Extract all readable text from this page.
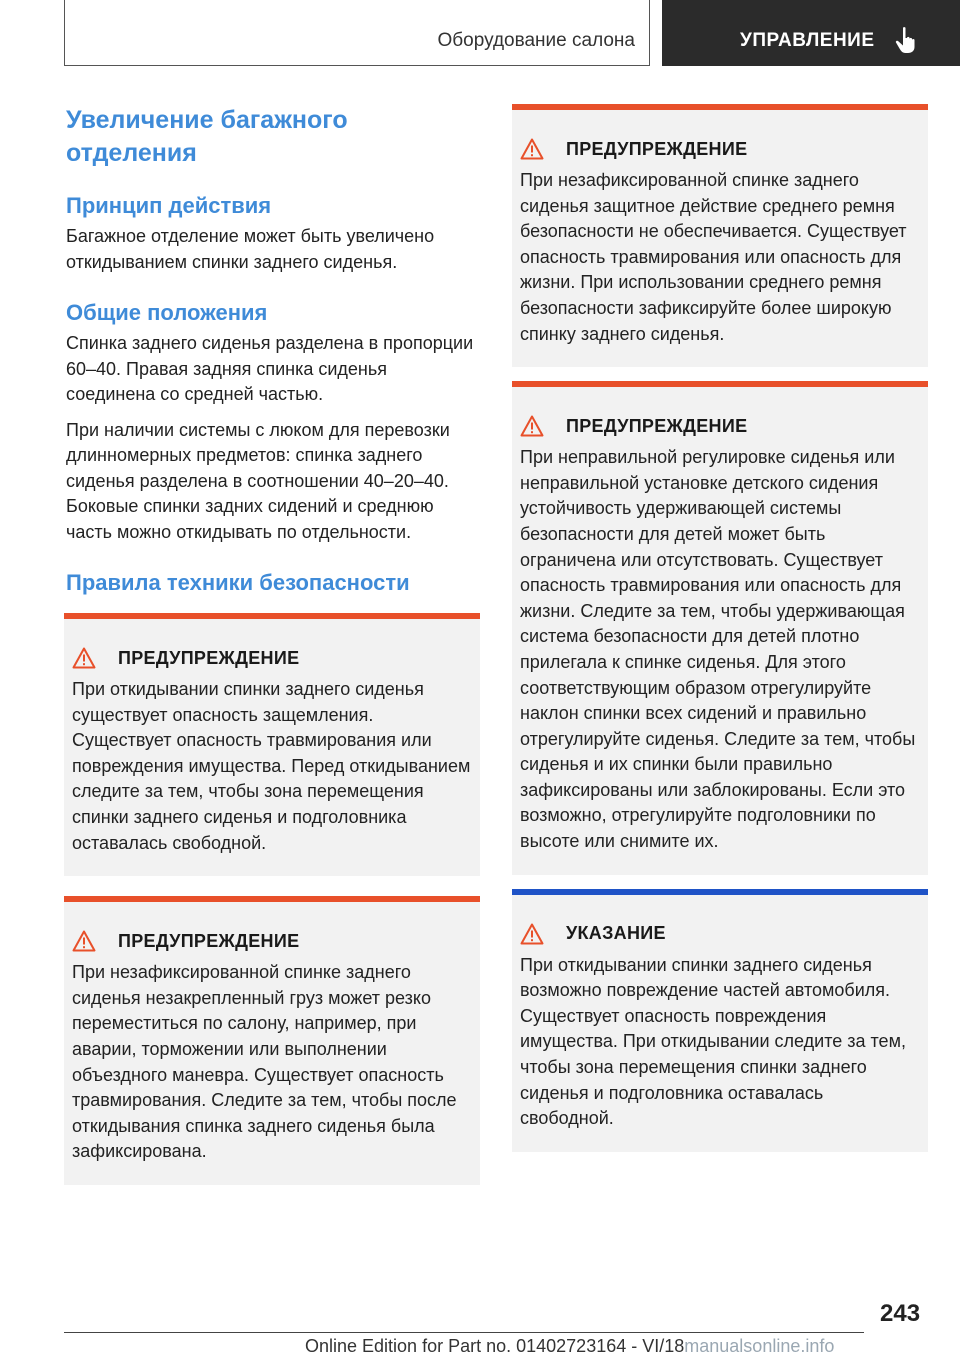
Оборудование салона	УПРАВЛЕНИЕ
Увеличение багажного отделения
Принцип действия
Багажное отделение может быть увеличено откидыванием спинки заднего сиденья.
Общие положения
Спинка заднего сиденья разделена в пропорции 60–40. Правая задняя спинка сиденья соединена со средней частью.
При наличии системы с люком для перевозки длинномерных предметов: спинка заднего сиденья разделена в соотношении 40–20–40. Боковые спинки задних сидений и среднюю часть можно откидывать по отдельности.
Правила техники безопасности
ПРЕДУПРЕЖДЕНИЕ
При откидывании спинки заднего сиденья существует опасность защемления. Существует опасность травмирования или повреждения имущества. Перед откидыванием следите за тем, чтобы зона перемещения спинки заднего сиденья и подголовника оставалась свободной.
ПРЕДУПРЕЖДЕНИЕ
При незафиксированной спинке заднего сиденья незакрепленный груз может резко переместиться по салону, например, при аварии, торможении или выполнении объездного маневра. Существует опасность травмирования. Следите за тем, чтобы после откидывания спинка заднего сиденья была зафиксирована.
ПРЕДУПРЕЖДЕНИЕ
При незафиксированной спинке заднего сиденья защитное действие среднего ремня безопасности не обеспечивается. Существует опасность травмирования или опасность для жизни. При использовании среднего ремня безопасности зафиксируйте более широкую спинку заднего сиденья.
ПРЕДУПРЕЖДЕНИЕ
При неправильной регулировке сиденья или неправильной установке детского сидения устойчивость удерживающей системы безопасности для детей может быть ограничена или отсутствовать. Существует опасность травмирования или опасность для жизни. Следите за тем, чтобы удерживающая система безопасности для детей плотно прилегала к спинке сиденья. Для этого соответствующим образом отрегулируйте наклон спинки всех сидений и правильно отрегулируйте сиденья. Следите за тем, чтобы сиденья и их спинки были правильно зафиксированы или заблокированы. Если это возможно, отрегулируйте подголовники по высоте или снимите их.
УКАЗАНИЕ
При откидывании спинки заднего сиденья возможно повреждение частей автомобиля. Существует опасность повреждения имущества. При откидывании следите за тем, чтобы зона перемещения спинки заднего сиденья и подголовника оставалась свободной.
243
Online Edition for Part no. 01402723164 - VI/18manualsonline.info
